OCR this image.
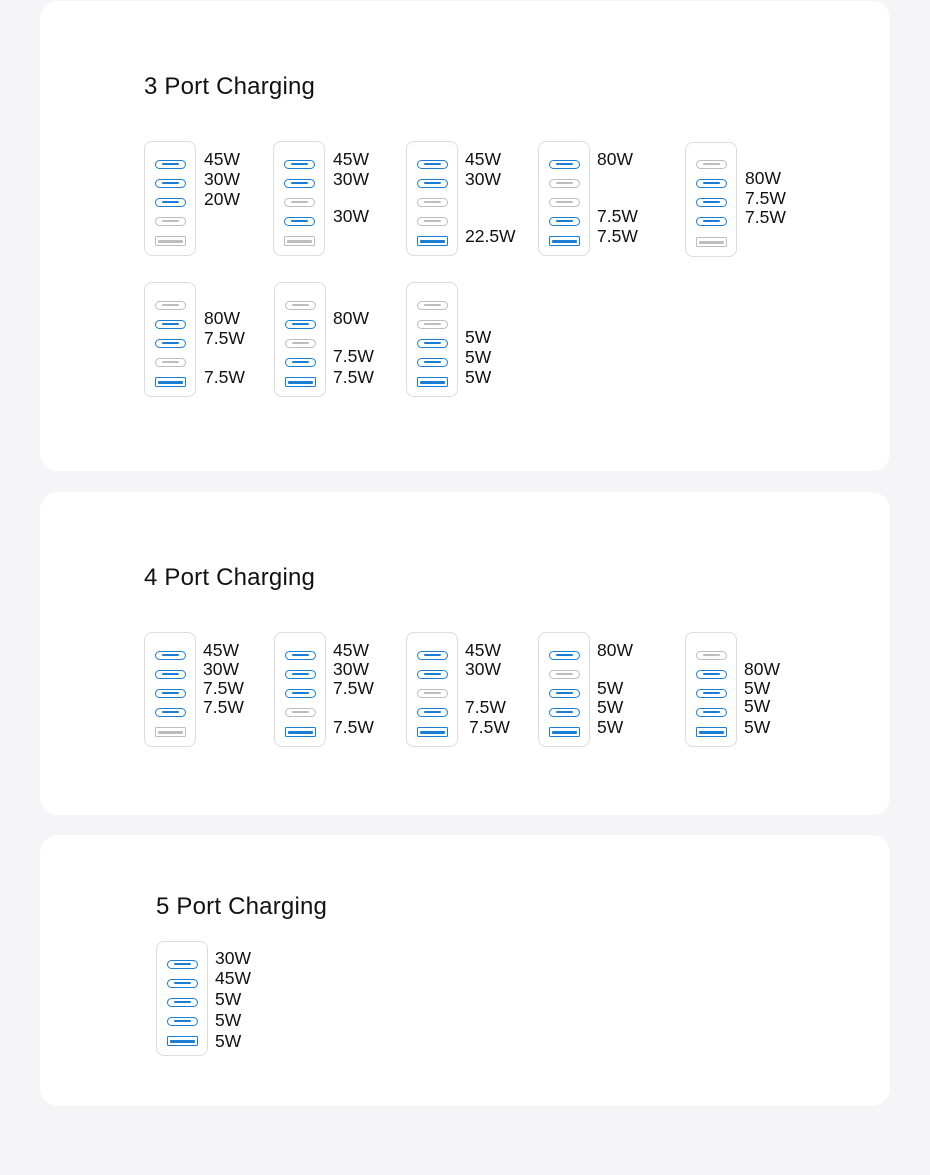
3 Port Charging
4 Port Charging
5 Port Charging
45W
30W
20W
45W
30W
30W
45W
30W
22.5W
80W
7.5W
7.5W
80W
7.5W
7.5W
80W
7.5W
7.5W
80W
7.5W
7.5W
5W
5W
5W
45W
30W
7.5W
7.5W
45W
30W
7.5W
7.5W
45W
30W
7.5W
7.5W
80W
5W
5W
5W
80W
5W
5W
5W
30W
45W
5W
5W
5W
